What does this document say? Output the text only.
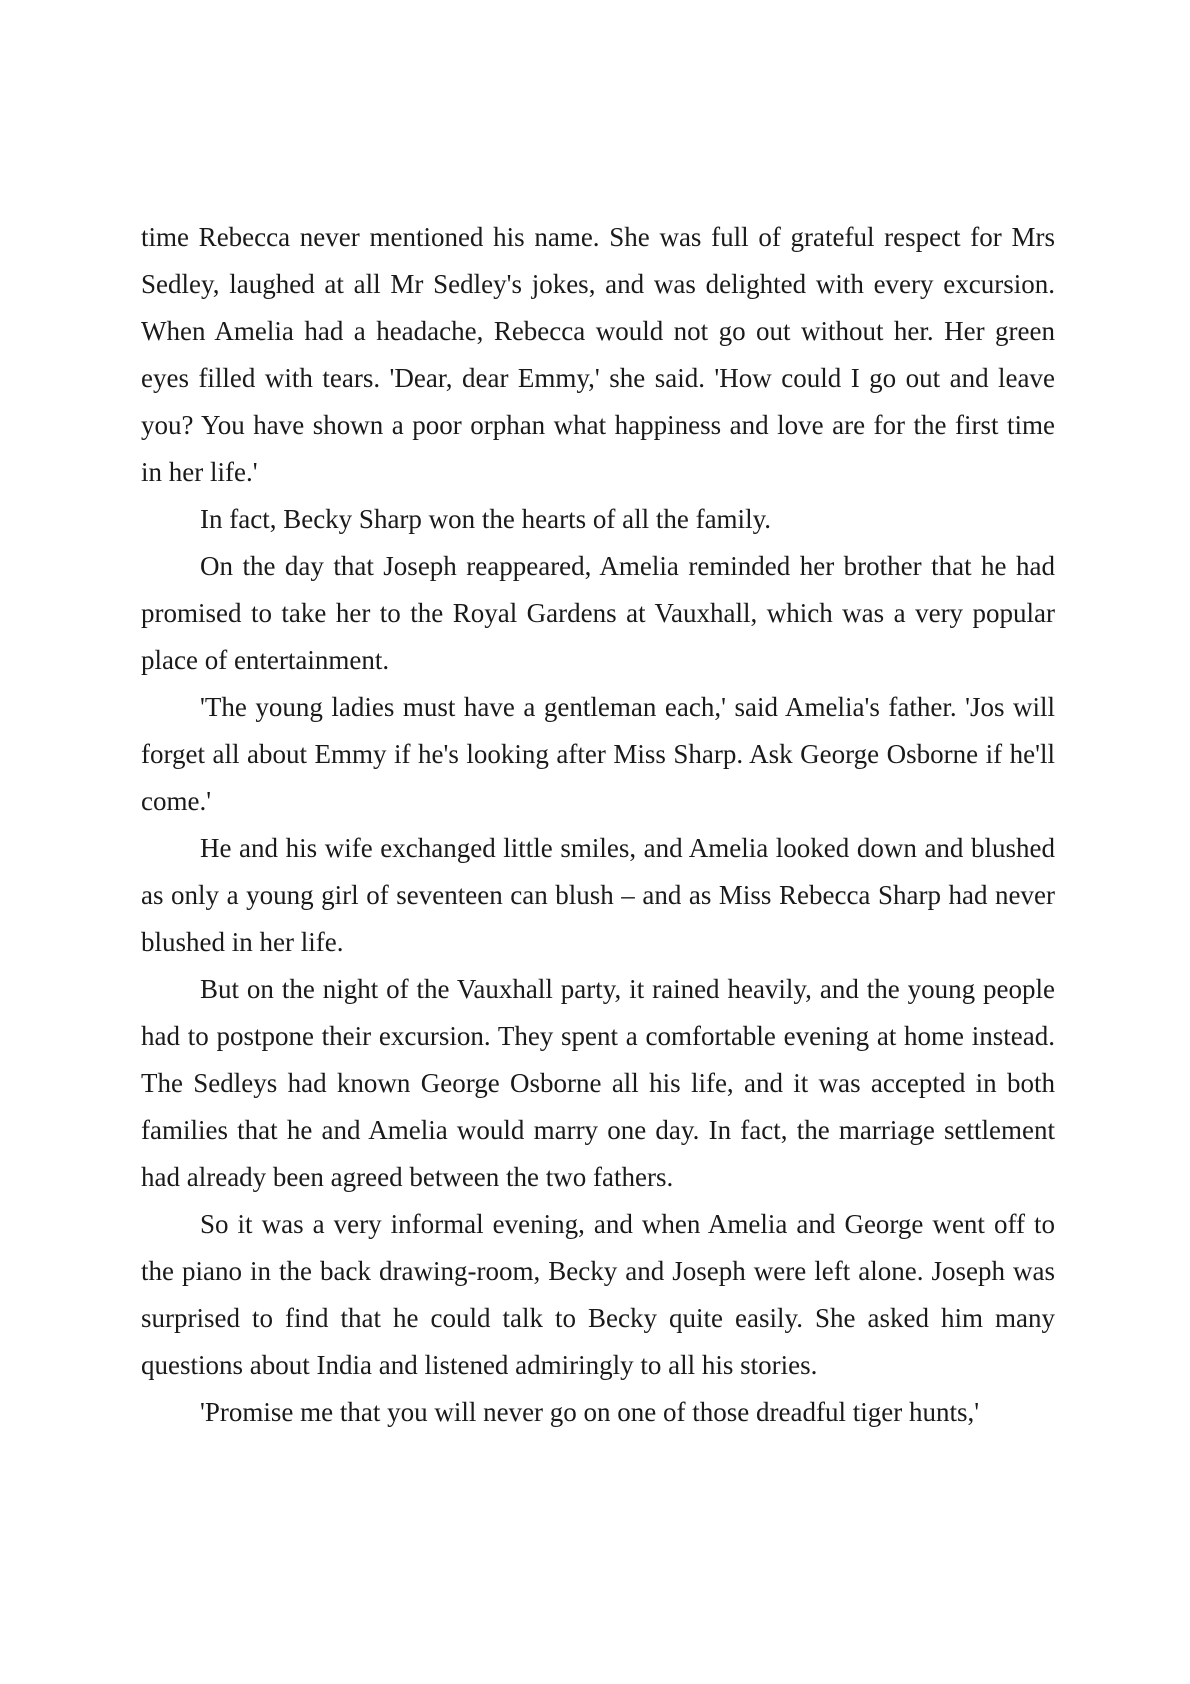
time Rebecca never mentioned his name. She was full of grateful respect for Mrs Sedley, laughed at all Mr Sedley's jokes, and was delighted with every excursion. When Amelia had a headache, Rebecca would not go out without her. Her green eyes filled with tears. 'Dear, dear Emmy,' she said. 'How could I go out and leave you? You have shown a poor orphan what happiness and love are for the first time in her life.'

In fact, Becky Sharp won the hearts of all the family.

On the day that Joseph reappeared, Amelia reminded her brother that he had promised to take her to the Royal Gardens at Vauxhall, which was a very popular place of entertainment.

'The young ladies must have a gentleman each,' said Amelia's father. 'Jos will forget all about Emmy if he's looking after Miss Sharp. Ask George Osborne if he'll come.'

He and his wife exchanged little smiles, and Amelia looked down and blushed as only a young girl of seventeen can blush – and as Miss Rebecca Sharp had never blushed in her life.

But on the night of the Vauxhall party, it rained heavily, and the young people had to postpone their excursion. They spent a comfortable evening at home instead. The Sedleys had known George Osborne all his life, and it was accepted in both families that he and Amelia would marry one day. In fact, the marriage settlement had already been agreed between the two fathers.

So it was a very informal evening, and when Amelia and George went off to the piano in the back drawing-room, Becky and Joseph were left alone. Joseph was surprised to find that he could talk to Becky quite easily. She asked him many questions about India and listened admiringly to all his stories.

'Promise me that you will never go on one of those dreadful tiger hunts,'
